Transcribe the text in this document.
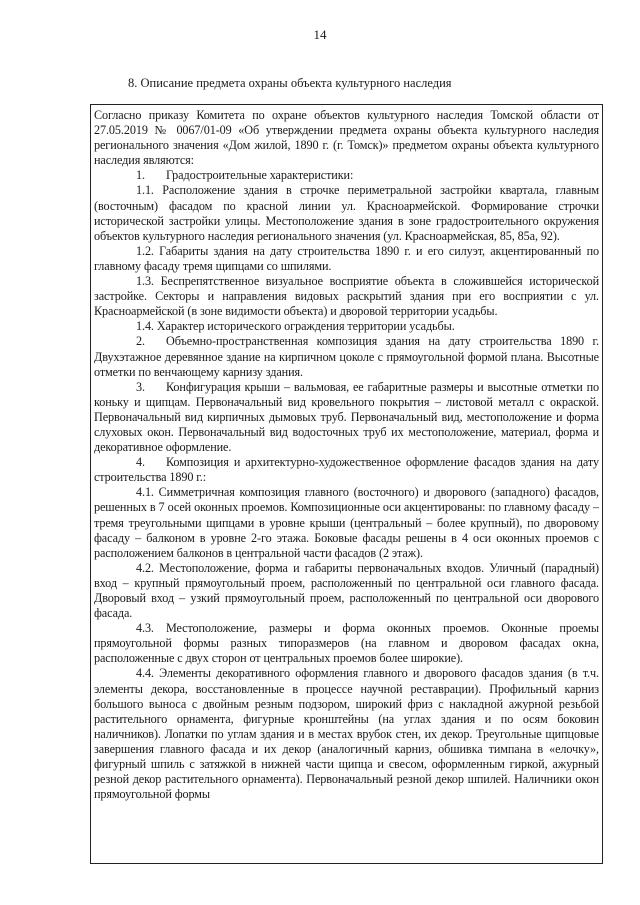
14
8. Описание предмета охраны объекта культурного наследия

Согласно приказу Комитета по охране объектов культурного наследия Томской области от 27.05.2019 № 0067/01-09 «Об утверждении предмета охраны объекта культурного наследия регионального значения «Дом жилой, 1890 г. (г. Томск)» предметом охраны объекта культурного наследия являются:

1. Градостроительные характеристики:

1.1. Расположение здания в строчке периметральной застройки квартала, главным (восточным) фасадом по красной линии ул. Красноармейской. Формирование строчки исторической застройки улицы. Местоположение здания в зоне градостроительного окружения объектов культурного наследия регионального значения (ул. Красноармейская, 85, 85а, 92).

1.2. Габариты здания на дату строительства 1890 г. и его силуэт, акцентированный по главному фасаду тремя щипцами со шпилями.

1.3. Беспрепятственное визуальное восприятие объекта в сложившейся исторической застройке. Секторы и направления видовых раскрытий здания при его восприятии с ул. Красноармейской (в зоне видимости объекта) и дворовой территории усадьбы.

1.4. Характер исторического ограждения территории усадьбы.

2. Объемно-пространственная композиция здания на дату строительства 1890 г. Двухэтажное деревянное здание на кирпичном цоколе с прямоугольной формой плана. Высотные отметки по венчающему карнизу здания.

3. Конфигурация крыши – вальмовая, ее габаритные размеры и высотные отметки по коньку и щипцам. Первоначальный вид кровельного покрытия – листовой металл с окраской. Первоначальный вид кирпичных дымовых труб. Первоначальный вид, местоположение и форма слуховых окон. Первоначальный вид водосточных труб их местоположение, материал, форма и декоративное оформление.

4. Композиция и архитектурно-художественное оформление фасадов здания на дату строительства 1890 г.:

4.1. Симметричная композиция главного (восточного) и дворового (западного) фасадов, решенных в 7 осей оконных проемов. Композиционные оси акцентированы: по главному фасаду – тремя треугольными щипцами в уровне крыши (центральный – более крупный), по дворовому фасаду – балконом в уровне 2-го этажа. Боковые фасады решены в 4 оси оконных проемов с расположением балконов в центральной части фасадов (2 этаж).

4.2. Местоположение, форма и габариты первоначальных входов. Уличный (парадный) вход – крупный прямоугольный проем, расположенный по центральной оси главного фасада. Дворовый вход – узкий прямоугольный проем, расположенный по центральной оси дворового фасада.

4.3. Местоположение, размеры и форма оконных проемов. Оконные проемы прямоугольной формы разных типоразмеров (на главном и дворовом фасадах окна, расположенные с двух сторон от центральных проемов более широкие).

4.4. Элементы декоративного оформления главного и дворового фасадов здания (в т.ч. элементы декора, восстановленные в процессе научной реставрации). Профильный карниз большого выноса с двойным резным подзором, широкий фриз с накладной ажурной резьбой растительного орнамента, фигурные кронштейны (на углах здания и по осям боковин наличников). Лопатки по углам здания и в местах врубок стен, их декор. Треугольные щипцовые завершения главного фасада и их декор (аналогичный карниз, обшивка тимпана в «елочку», фигурный шпиль с затяжкой в нижней части щипца и свесом, оформленным гиркой, ажурный резной декор растительного орнамента). Первоначальный резной декор шпилей. Наличники окон прямоугольной формы
